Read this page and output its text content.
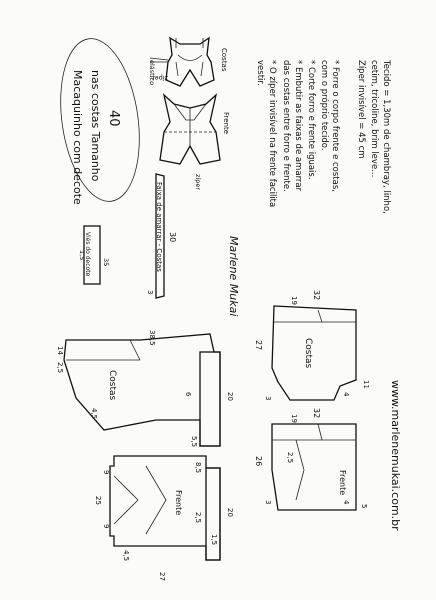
elástico
zíper
Costas
Frente
zíper
Macaquinho com decote nas costas Tamanho 40	* Forre o corpo frente e costas,
com o próprio tecido.
* Corte forro e frente iguais.
* Embutir as faixas de amarrar
das costas entre forro e frente.
* O zíper invisível na frente facilita
vestir.	Tecido = 1,30m de chambray, linho,
cetim, tricoline, brim leve...
Zíper invisível = 45 cm
Marlene Mukai
Viés do decote 35
1,5	Faixa de amarrar - Costas 30
3
Costas
38,5
14
2,5
4,5
6	20
5,5
Frente
25
9
9
8,5
2,5
1,5
4,5
20
27
Costas
32
19
27
3
4
11
Frente
32
19
26
3	4
2,5
5 www.marlenemukai.com.br
